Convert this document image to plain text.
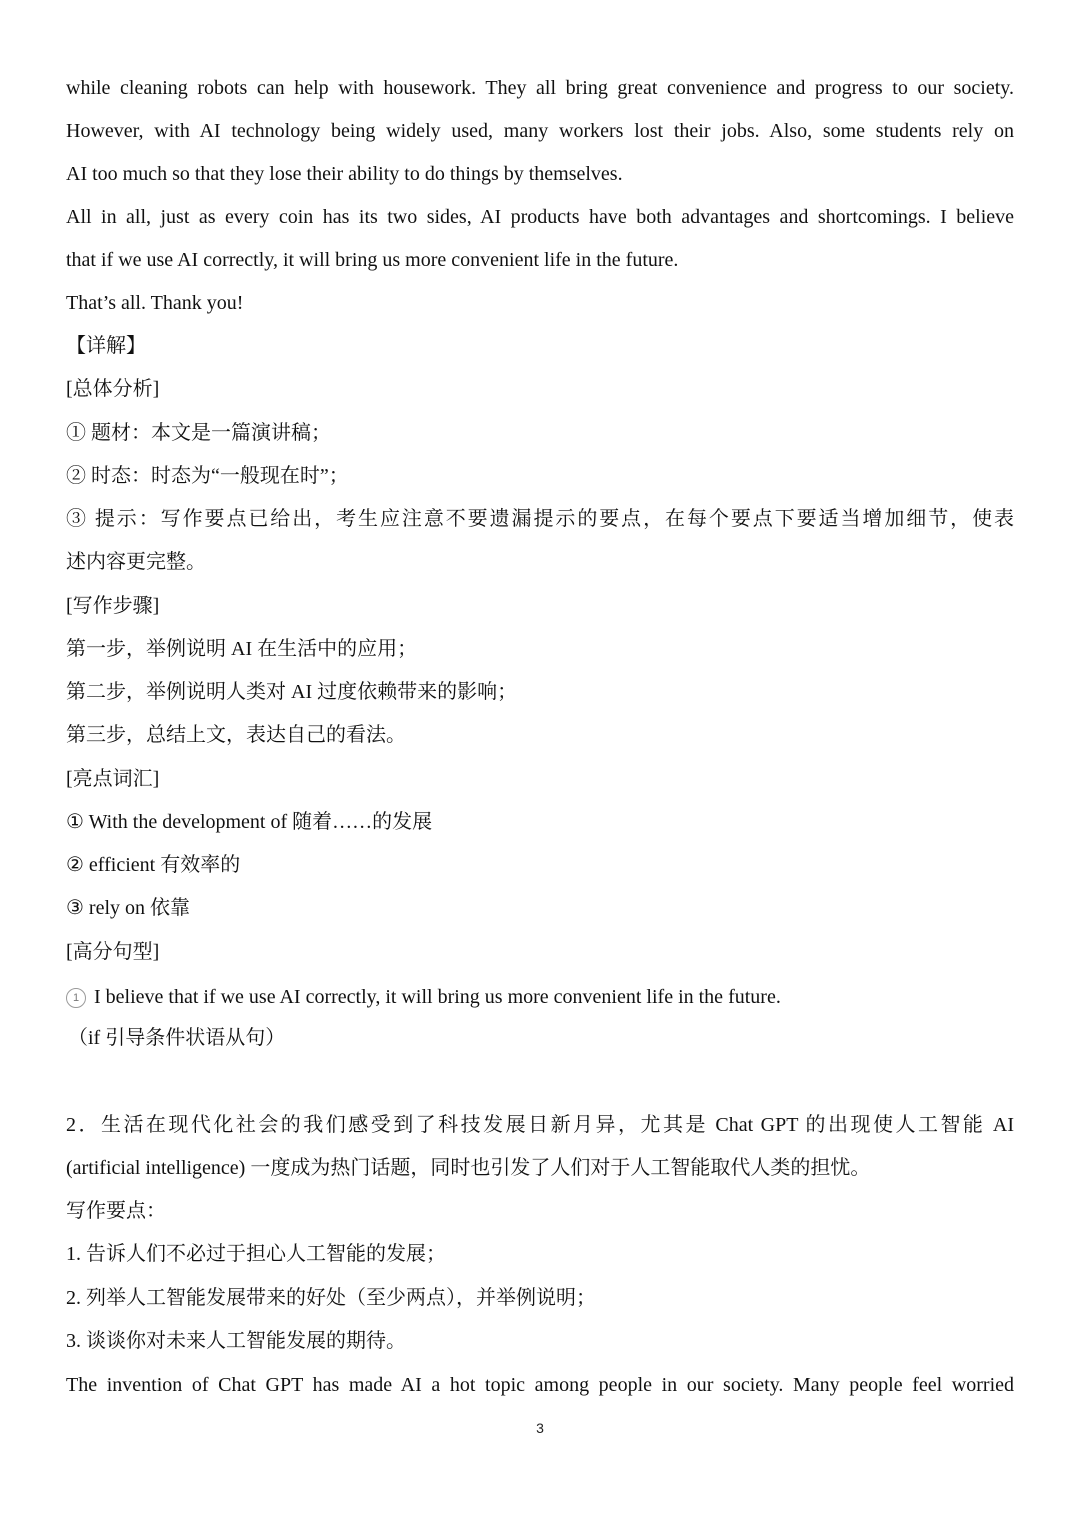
while cleaning robots can help with housework. They all bring great convenience and progress to our society.
However, with AI technology being widely used, many workers lost their jobs. Also, some students rely on
AI too much so that they lose their ability to do things by themselves.
All in all, just as every coin has its two sides, AI products have both advantages and shortcomings. I believe
that if we use AI correctly, it will bring us more convenient life in the future.
That’s all. Thank you!
【详解】
[总体分析]
① 题材：本文是一篇演讲稿；
② 时态：时态为“一般现在时”；
③ 提示：写作要点已给出，考生应注意不要遗漏提示的要点，在每个要点下要适当增加细节，使表
述内容更完整。
[写作步骤]
第一步，举例说明 AI 在生活中的应用；
第二步，举例说明人类对 AI 过度依赖带来的影响；
第三步，总结上文，表达自己的看法。
[亮点词汇]
① With the development of 随着……的发展
② efficient 有效率的
③ rely on 依靠
[高分句型]
1 I believe that if we use AI correctly, it will bring us more convenient life in the future.
（if 引导条件状语从句）
2．生活在现代化社会的我们感受到了科技发展日新月异，尤其是 Chat GPT 的出现使人工智能 AI
(artificial intelligence) 一度成为热门话题，同时也引发了人们对于人工智能取代人类的担忧。
写作要点：
1. 告诉人们不必过于担心人工智能的发展；
2. 列举人工智能发展带来的好处（至少两点），并举例说明；
3. 谈谈你对未来人工智能发展的期待。
The invention of Chat GPT has made AI a hot topic among people in our society. Many people feel worried
3
